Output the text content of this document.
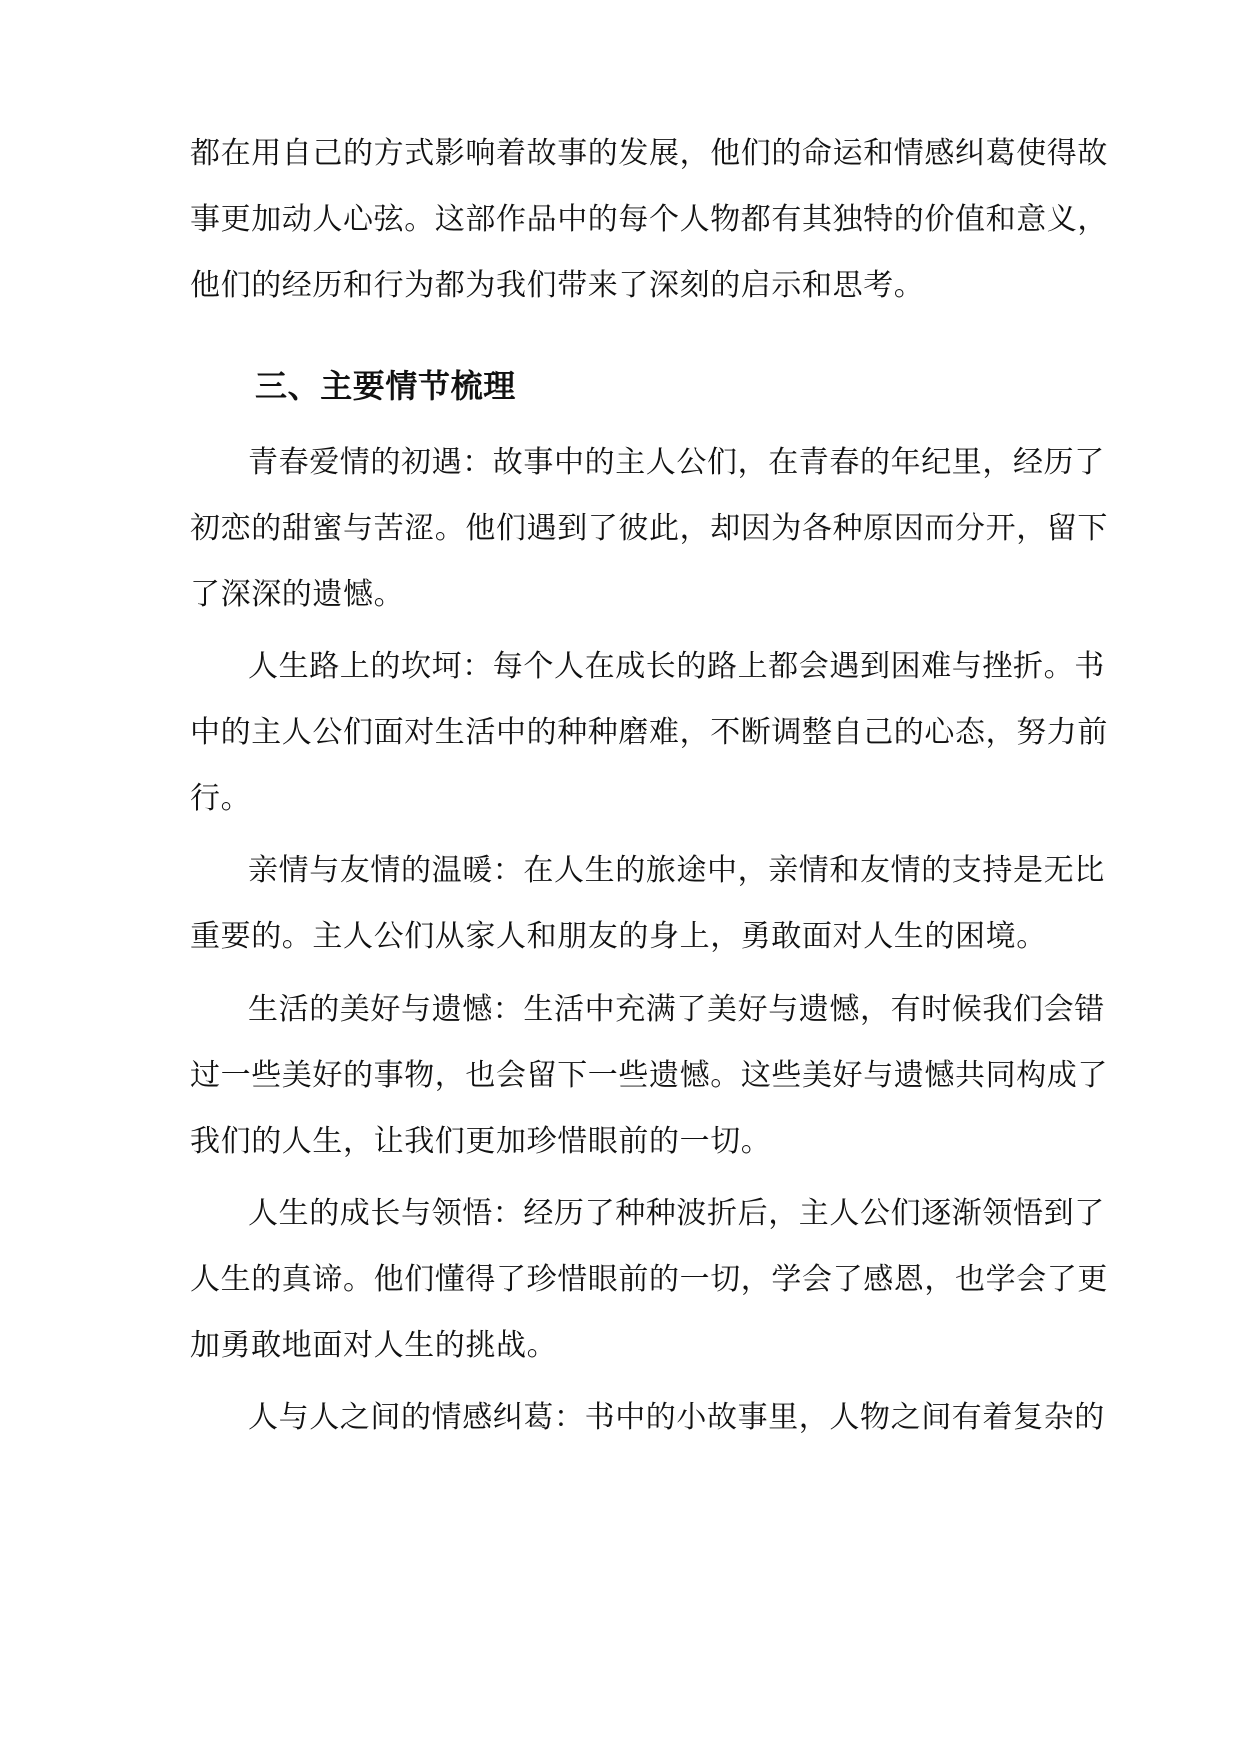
都在用自己的方式影响着故事的发展，他们的命运和情感纠葛使得故
事更加动人心弦。这部作品中的每个人物都有其独特的价值和意义，
他们的经历和行为都为我们带来了深刻的启示和思考。
三、主要情节梳理
青春爱情的初遇：故事中的主人公们，在青春的年纪里，经历了
初恋的甜蜜与苦涩。他们遇到了彼此，却因为各种原因而分开，留下
了深深的遗憾。
人生路上的坎坷：每个人在成长的路上都会遇到困难与挫折。书
中的主人公们面对生活中的种种磨难，不断调整自己的心态，努力前
行。
亲情与友情的温暖：在人生的旅途中，亲情和友情的支持是无比
重要的。主人公们从家人和朋友的身上，勇敢面对人生的困境。
生活的美好与遗憾：生活中充满了美好与遗憾，有时候我们会错
过一些美好的事物，也会留下一些遗憾。这些美好与遗憾共同构成了
我们的人生，让我们更加珍惜眼前的一切。
人生的成长与领悟：经历了种种波折后，主人公们逐渐领悟到了
人生的真谛。他们懂得了珍惜眼前的一切，学会了感恩，也学会了更
加勇敢地面对人生的挑战。
人与人之间的情感纠葛：书中的小故事里，人物之间有着复杂的
